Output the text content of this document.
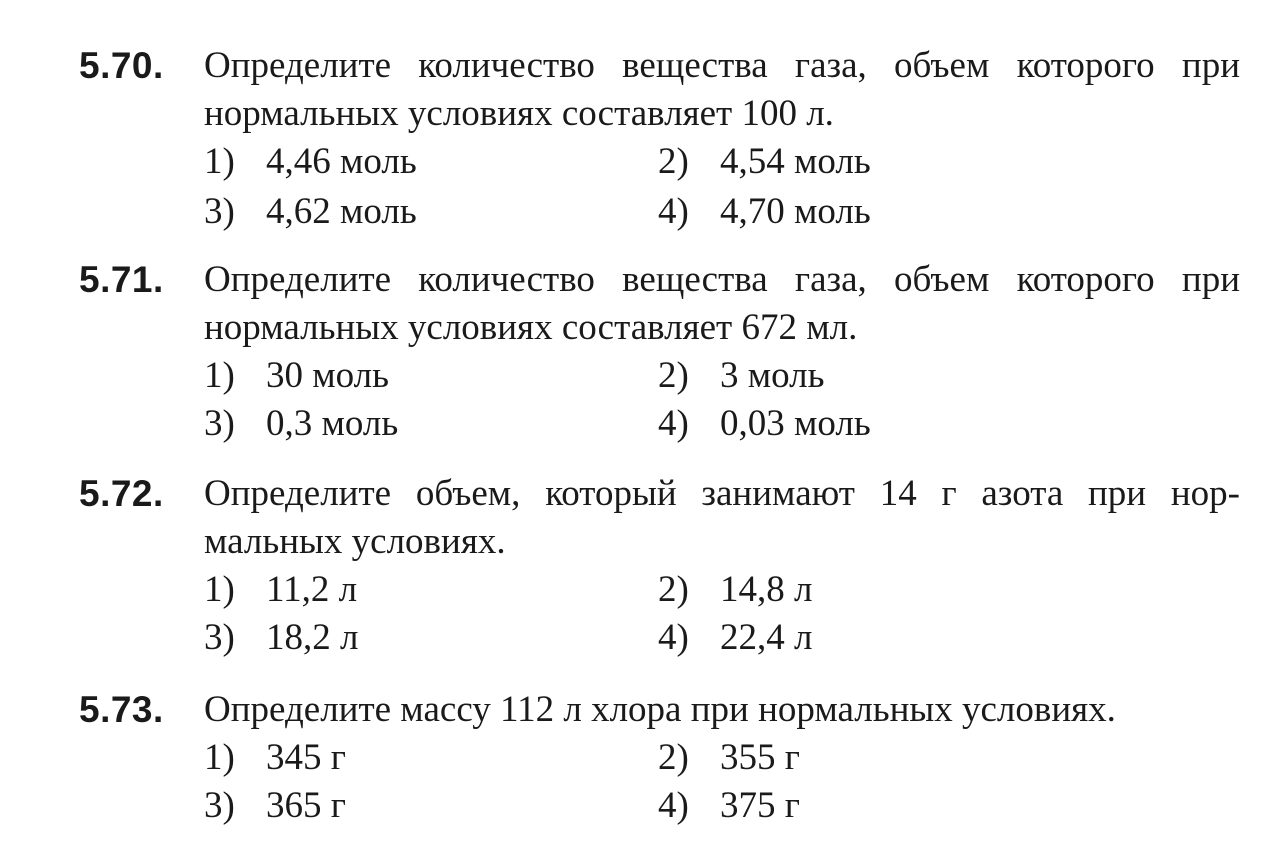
5.70. Определите количество вещества газа, объем которого при
нормальных условиях составляет 100 л.
1) 4,46 моль	2) 4,54 моль
3) 4,62 моль	4) 4,70 моль
5.71. Определите количество вещества газа, объем которого при
нормальных условиях составляет 672 мл.
1) 30 моль	2) 3 моль
3) 0,3 моль	4) 0,03 моль
5.72. Определите объем, который занимают 14 г азота при нор-
мальных условиях.
1) 11,2 л	2) 14,8 л
3) 18,2 л	4) 22,4 л
5.73. Определите массу 112 л хлора при нормальных условиях.
1) 345 г	2) 355 г
3) 365 г	4) 375 г
